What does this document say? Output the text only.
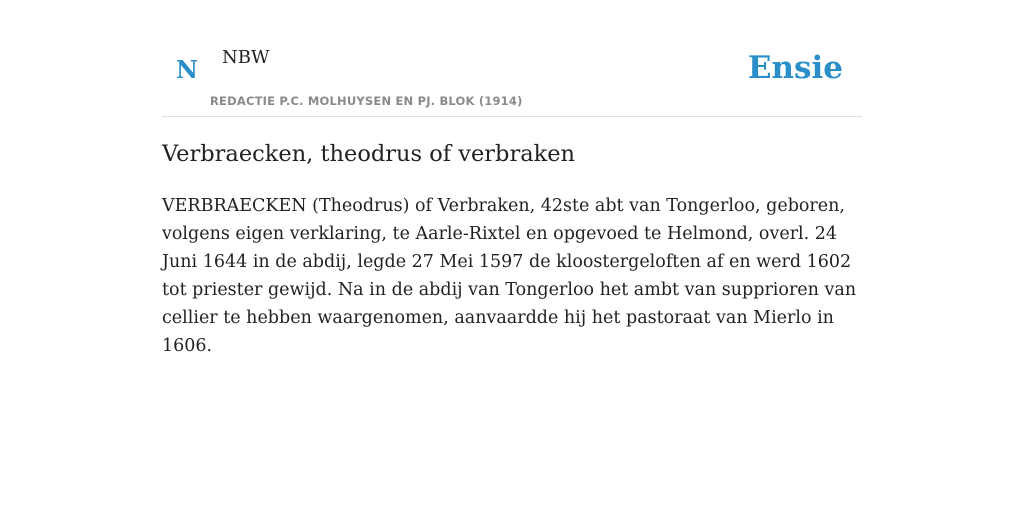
N NBW
REDACTIE P.C. MOLHUYSEN EN PJ. BLOK (1914)
Ensie
Verbraecken, theodrus of verbraken

VERBRAECKEN (Theodrus) of Verbraken, 42ste abt van Tongerloo, geboren, volgens eigen verklaring, te Aarle-Rixtel en opgevoed te Helmond, overl. 24 Juni 1644 in de abdij, legde 27 Mei 1597 de kloostergeloften af en werd 1602 tot priester gewijd. Na in de abdij van Tongerloo het ambt van supprioren van cellier te hebben waargenomen, aanvaardde hij het pastoraat van Mierlo in 1606.
